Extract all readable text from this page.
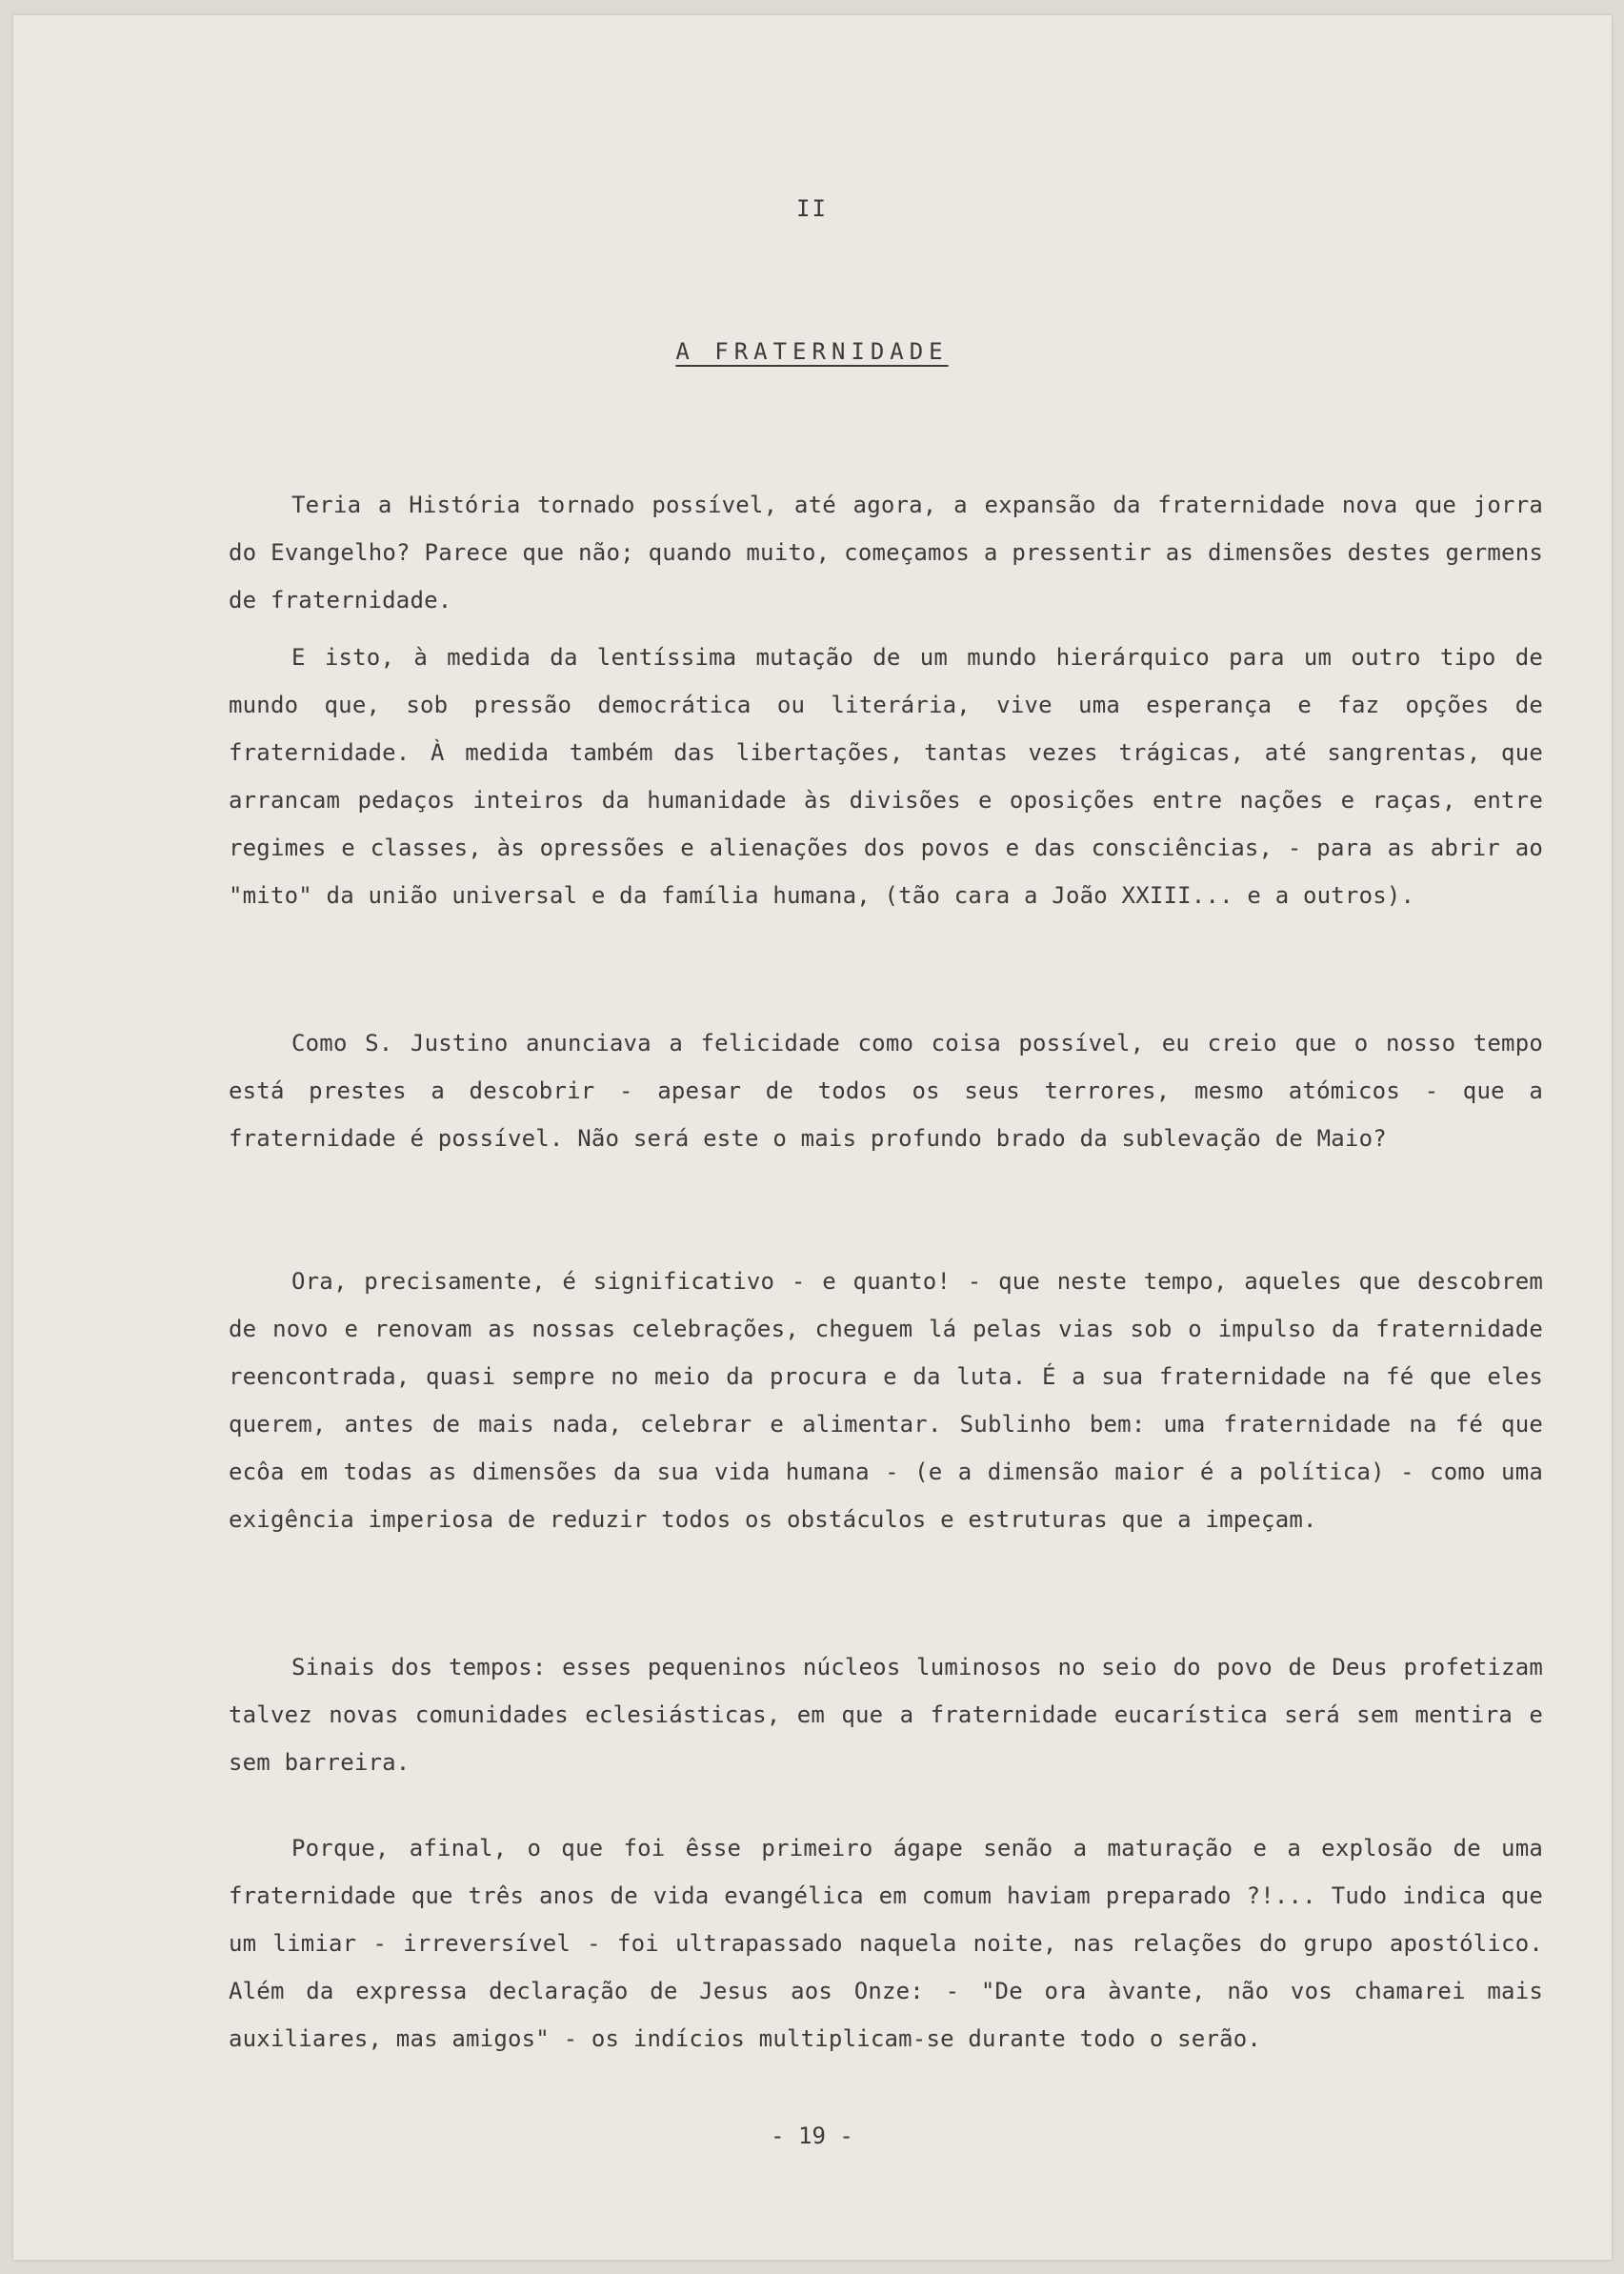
II
A FRATERNIDADE

Teria a História tornado possível, até agora, a expansão da fraternidade nova que jorra do Evangelho? Parece que não; quando muito, começamos a pressentir as dimensões destes germens de fraternidade.

E isto, à medida da lentíssima mutação de um mundo hierárquico para um outro tipo de mundo que, sob pressão democrática ou literária, vive uma esperança e faz opções de fraternidade. À medida também das libertações, tantas vezes trágicas, até sangrentas, que arrancam pedaços inteiros da humanidade às divisões e oposições entre nações e raças, entre regimes e classes, às opressões e alienações dos povos e das consciências, - para as abrir ao "mito" da união universal e da família humana, (tão cara a João XXIII... e a outros).

Como S. Justino anunciava a felicidade como coisa possível, eu creio que o nosso tempo está prestes a descobrir - apesar de todos os seus terrores, mesmo atómicos - que a fraternidade é possível. Não será este o mais profundo brado da sublevação de Maio?

Ora, precisamente, é significativo - e quanto! - que neste tempo, aqueles que descobrem de novo e renovam as nossas celebrações, cheguem lá pelas vias sob o impulso da fraternidade reencontrada, quasi sempre no meio da procura e da luta. É a sua fraternidade na fé que eles querem, antes de mais nada, celebrar e alimentar. Sublinho bem: uma fraternidade na fé que ecôa em todas as dimensões da sua vida humana - (e a dimensão maior é a política) - como uma exigência imperiosa de reduzir todos os obstáculos e estruturas que a impeçam.

Sinais dos tempos: esses pequeninos núcleos luminosos no seio do povo de Deus profetizam talvez novas comunidades eclesiásticas, em que a fraternidade eucarística será sem mentira e sem barreira.

Porque, afinal, o que foi êsse primeiro ágape senão a maturação e a explosão de uma fraternidade que três anos de vida evangélica em comum haviam preparado ?!... Tudo indica que um limiar - irreversível - foi ultrapassado naquela noite, nas relações do grupo apostólico. Além da expressa declaração de Jesus aos Onze: - "De ora àvante, não vos chamarei mais auxiliares, mas amigos" - os indícios multiplicam-se durante todo o serão.

- 19 -
